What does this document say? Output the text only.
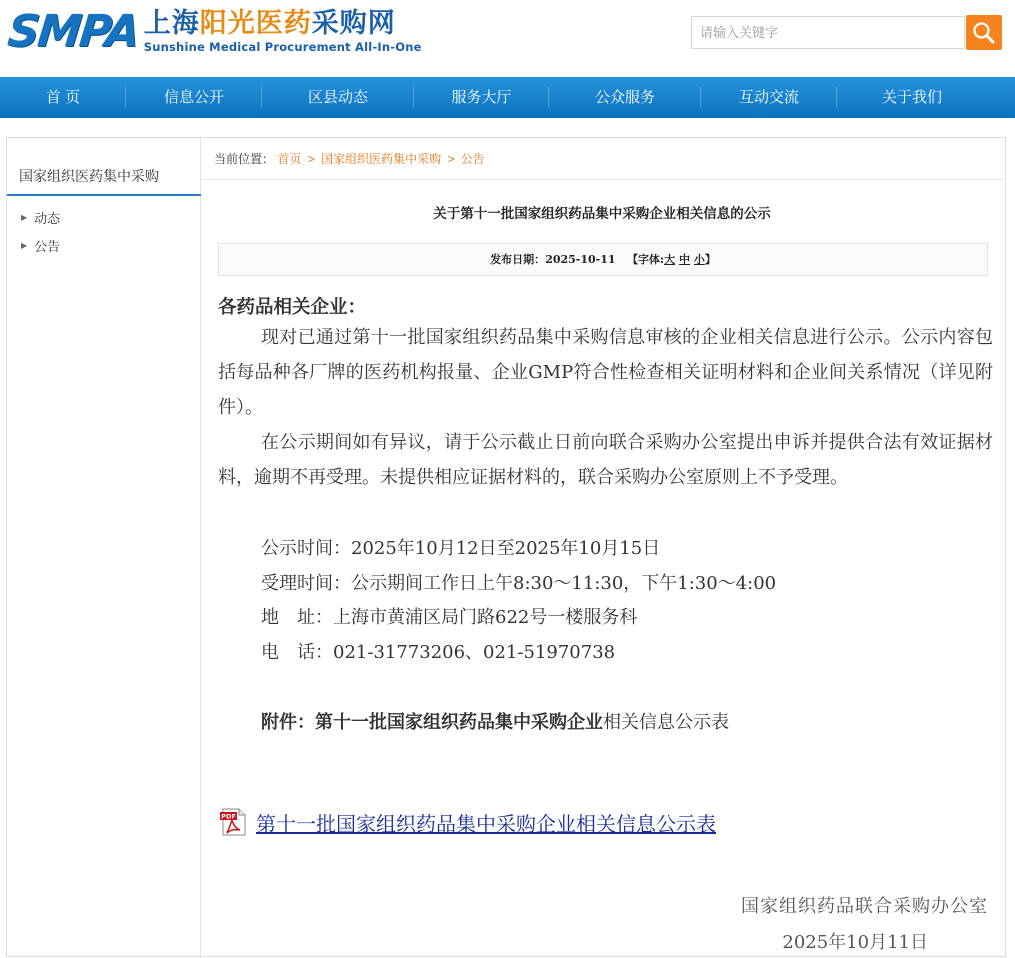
SMPA 上海阳光医药采购网
Sunshine Medical Procurement All-In-One
请输入关键字
首 页	信息公开	区县动态	服务大厅	公众服务	互动交流	关于我们
国家组织医药集中采购
▶ 动态
▶ 公告
当前位置： 首页 > 国家组织医药集中采购 > 公告
关于第十一批国家组织药品集中采购企业相关信息的公示
发布日期：2025-10-11 【字体:大 中 小】
各药品相关企业：
现对已通过第十一批国家组织药品集中采购信息审核的企业相关信息进行公示。公示内容包括每品种各厂牌的医药机构报量、企业GMP符合性检查相关证明材料和企业间关系情况（详见附件）。
在公示期间如有异议，请于公示截止日前向联合采购办公室提出申诉并提供合法有效证据材料，逾期不再受理。未提供相应证据材料的，联合采购办公室原则上不予受理。
公示时间：2025年10月12日至2025年10月15日
受理时间：公示期间工作日上午8:30～11:30，下午1:30～4:00
地　址：上海市黄浦区局门路622号一楼服务科
电　话：021-31773206、021-51970738
附件：第十一批国家组织药品集中采购企业相关信息公示表
PDF 第十一批国家组织药品集中采购企业相关信息公示表
国家组织药品联合采购办公室
2025年10月11日
